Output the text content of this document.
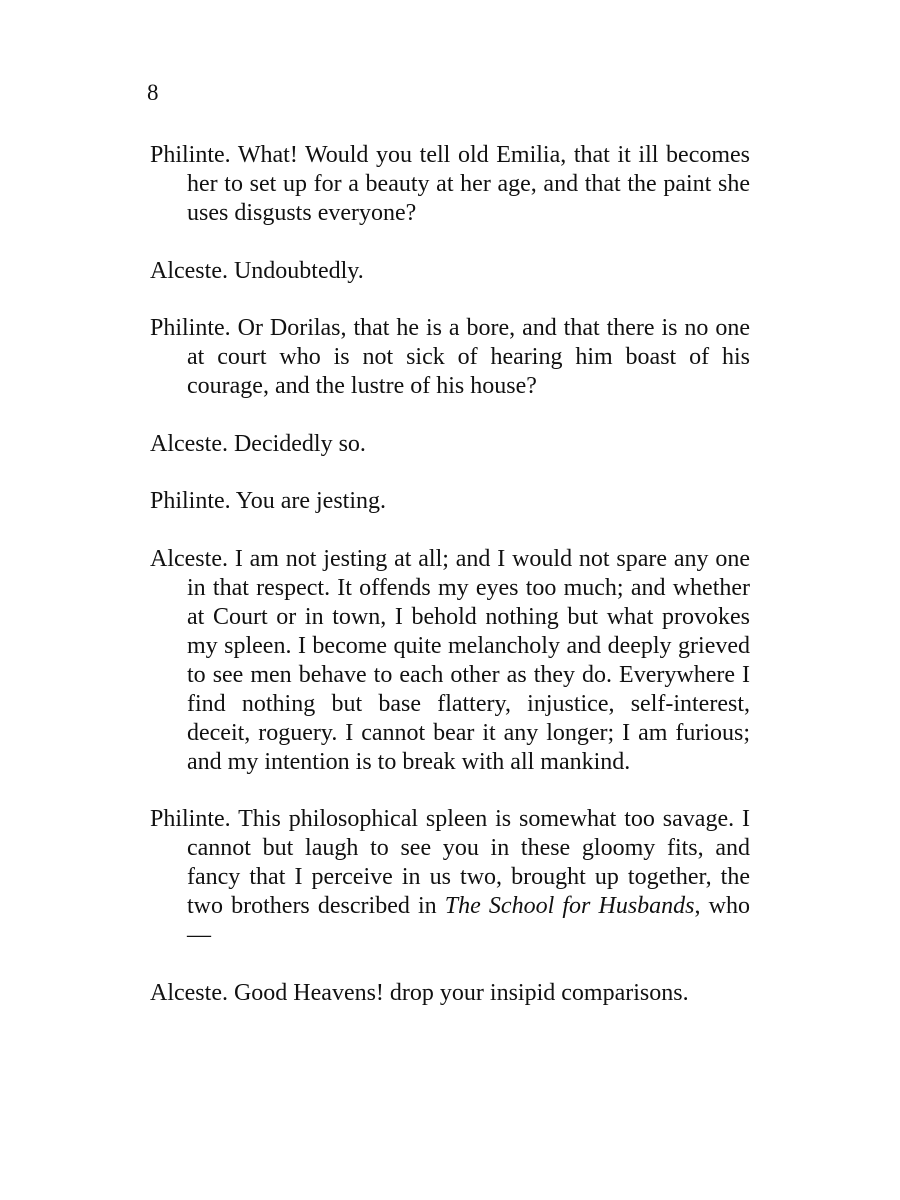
8

Philinte. What! Would you tell old Emilia, that it ill becomes her to set up for a beauty at her age, and that the paint she uses disgusts everyone?

Alceste. Undoubtedly.

Philinte. Or Dorilas, that he is a bore, and that there is no one at court who is not sick of hearing him boast of his courage, and the lustre of his house?

Alceste. Decidedly so.

Philinte. You are jesting.

Alceste. I am not jesting at all; and I would not spare any one in that respect. It offends my eyes too much; and whether at Court or in town, I behold nothing but what provokes my spleen. I become quite melancholy and deeply grieved to see men behave to each other as they do. Everywhere I find nothing but base flattery, injustice, self-interest, deceit, roguery. I cannot bear it any longer; I am furious; and my intention is to break with all mankind.

Philinte. This philosophical spleen is somewhat too savage. I cannot but laugh to see you in these gloomy fits, and fancy that I perceive in us two, brought up together, the two brothers described in The School for Husbands, who—

Alceste. Good Heavens! drop your insipid comparisons.
